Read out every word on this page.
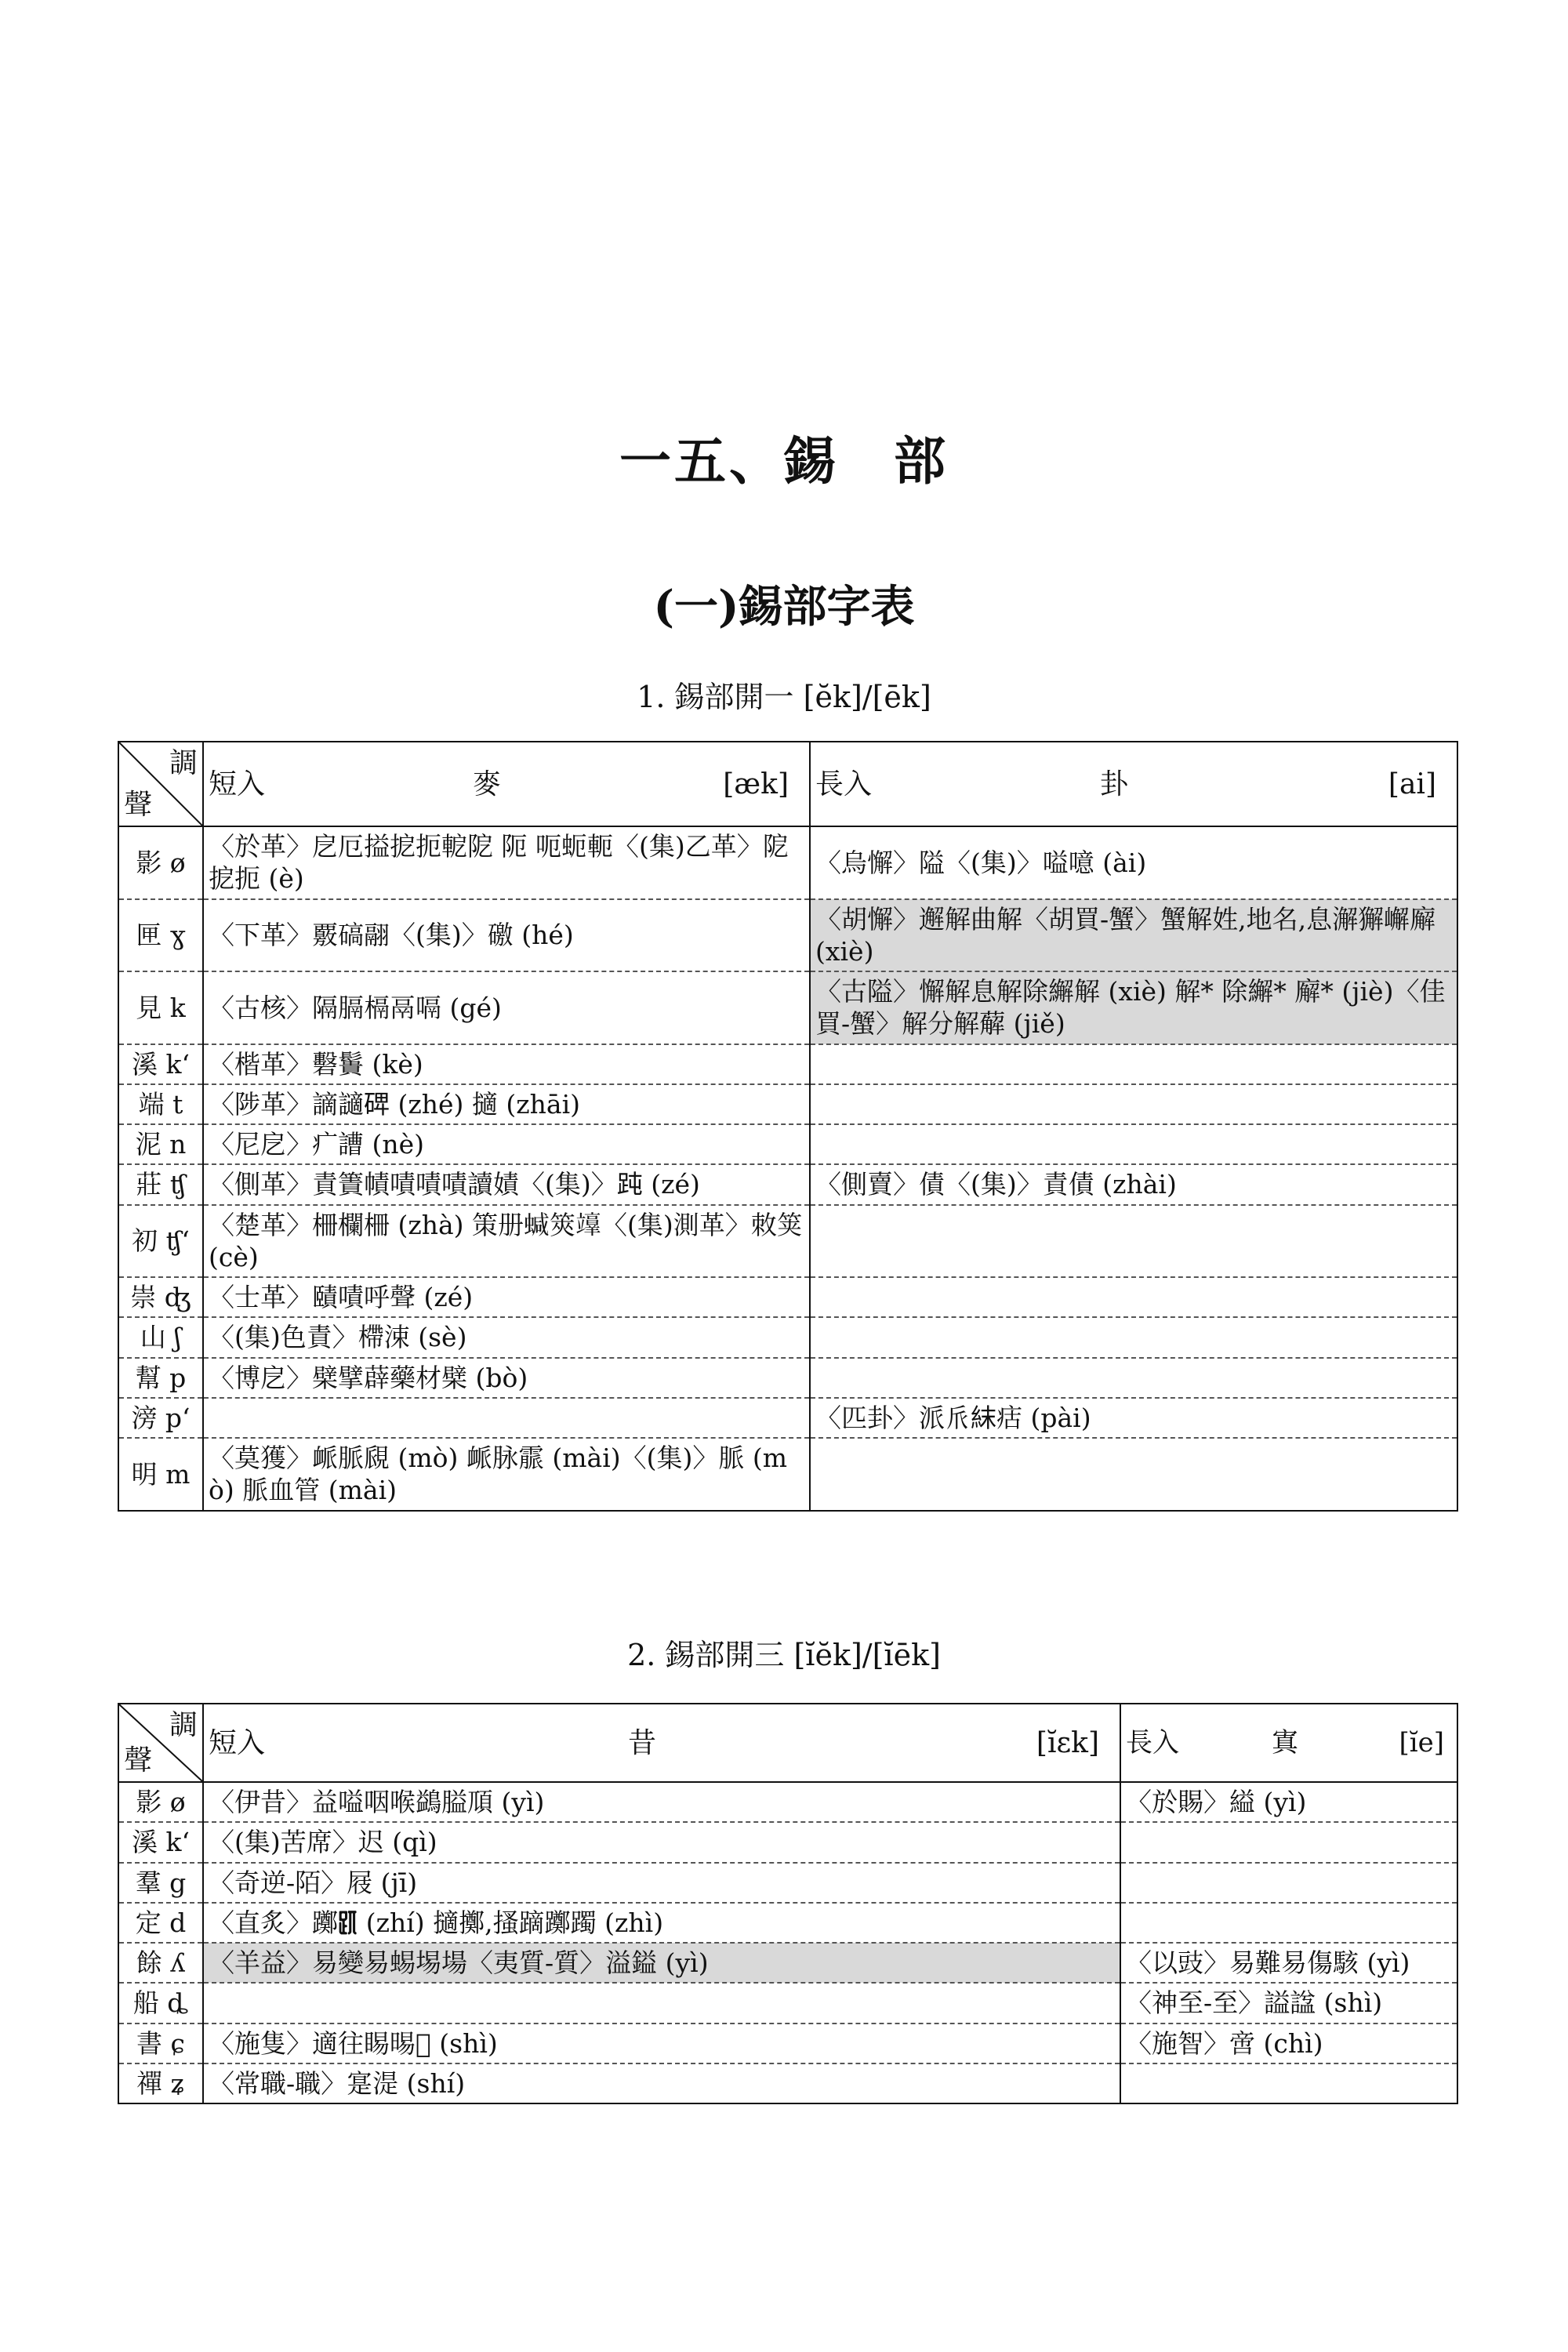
一五、錫　部
(一)錫部字表
1. 錫部開一 [ĕk]/[ēk]
調
聲	短入 麥 [æk]	長入 卦 [ai]

影 ø	〈於革〉戹厄搤㧖扼軶阸 阨 呃蚅軛〈(集)乙革〉阸㧖扼 (è)	〈烏懈〉隘〈(集)〉嗌噫 (ài)
匣 ɣ	〈下革〉覈碻翮〈(集)〉礉 (hé)	〈胡懈〉邂解曲解〈胡買-蟹〉蟹解姓,地名,息澥獬嶰廨 (xiè)
見 k	〈古核〉隔膈槅鬲嗝 (gé)	〈古隘〉懈解息解除繲解 (xiè) 解* 除繲* 廨* (jiè)〈佳買-蟹〉解分解薢 (jiě)
溪 kʻ	〈楷革〉礊䰎 (kè)	
端 t	〈陟革〉謫讁𥓓 (zhé) 擿 (zhāi)	
泥 n	〈尼戹〉疒䜊 (nè)	
莊 ʧ	〈側革〉責簀幘嘖嘖嘖讀嫧〈(集)〉𧿬 (zé)	〈側賣〉債〈(集)〉責債 (zhài)
初 ʧʻ	〈楚革〉柵欄柵 (zhà) 策册𧍧筴𥫉〈(集)測革〉敇䇲 (cè)	
崇 ʤ	〈士革〉賾嘖呼聲 (zé)	
山 ʃ	〈(集)色責〉㯂涑 (sè)	
幫 p	〈博戹〉檗擘薜藥材檗 (bò)	
滂 pʻ		〈匹卦〉派𠂢𥿉㽽 (pài)
明 m	〈莫獲〉衇脈覛 (mò) 衇脉霢 (mài)〈(集)〉脈 (mò) 脈血管 (mài)	
2. 錫部開三 [ĭĕk]/[ĭēk]
調
聲	短入 昔 [ĭɛk]	長入 寘 [ĭe]

影 ø	〈伊昔〉益嗌咽喉鷁膉䪲 (yì)	〈於賜〉縊 (yì)
溪 kʻ	〈(集)苦席〉迟 (qì)	
羣 g	〈奇逆-陌〉屐 (jī)	
定 d	〈直炙〉躑𧿁 (zhí) 擿擲,搔蹢躑躅 (zhì)	
餘 ʎ	〈羊益〉易變易蜴埸場〈夷質-質〉溢鎰 (yì)	〈以豉〉易難易傷駭 (yì)
船 ȡ		〈神至-至〉謚諡 (shì)
書 ɕ	〈施隻〉適往睗晹𧈗 (shì)	〈施智〉啻 (chì)
禪 ʑ	〈常職-職〉寔湜 (shí)	
